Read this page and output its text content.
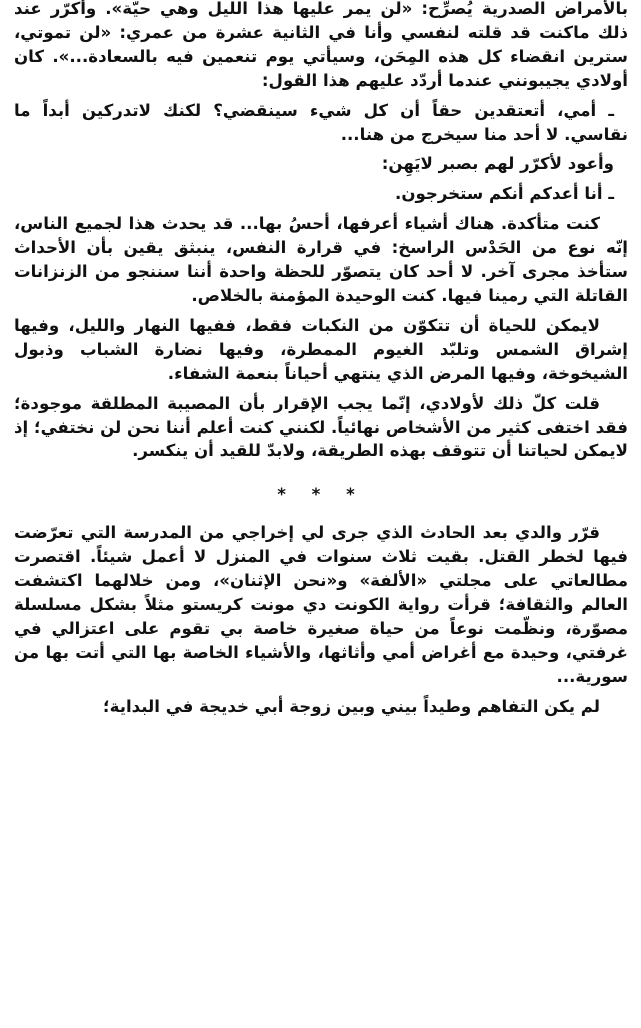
بالأمراض الصدرية يُصرِّح: «لن يمر عليها هذا الليل وهي حيّة». وأكرّر عند ذلك ماكنت قد قلته لنفسي وأنا في الثانية عشرة من عمري: «لن تموتي، سترين انقضاء كل هذه المِحَن، وسيأتي يوم تنعمين فيه بالسعادة...». كان أولادي يجيبونني عندما أردّد عليهم هذا القول:

ـ أمي، أتعتقدين حقاً أن كل شيء سينقضي؟ لكنك لاتدركين أبداً ما نقاسي. لا أحد منا سيخرج من هنا...

وأعود لأكرّر لهم بصبر لايَهِن:

ـ أنا أعدكم أنكم ستخرجون.

كنت متأكدة. هناك أشياء أعرفها، أحسُ بها... قد يحدث هذا لجميع الناس، إنّه نوع من الحَدْس الراسخ: في قرارة النفس، ينبثق يقين بأن الأحداث ستأخذ مجرى آخر. لا أحد كان يتصوّر للحظة واحدة أننا سننجو من الزنزانات القاتلة التي رمينا فيها. كنت الوحيدة المؤمنة بالخلاص.

لايمكن للحياة أن تتكوّن من النكبات فقط، ففيها النهار والليل، وفيها إشراق الشمس وتلبّد الغيوم الممطرة، وفيها نضارة الشباب وذبول الشيخوخة، وفيها المرض الذي ينتهي أحياناً بنعمة الشفاء.

قلت كلّ ذلك لأولادي، إنّما يجب الإقرار بأن المصيبة المطلقة موجودة؛ فقد اختفى كثير من الأشخاص نهائياً. لكنني كنت أعلم أننا نحن لن نختفي؛ إذ لايمكن لحياتنا أن تتوقف بهذه الطريقة، ولابدّ للقيد أن ينكسر.

* * *

قرّر والدي بعد الحادث الذي جرى لي إخراجي من المدرسة التي تعرّضت فيها لخطر القتل. بقيت ثلاث سنوات في المنزل لا أعمل شيئاً. اقتصرت مطالعاتي على مجلتي «الألفة» و«نحن الإثنان»، ومن خلالهما اكتشفت العالم والثقافة؛ قرأت رواية الكونت دي مونت كريستو مثلاً بشكل مسلسلة مصوّرة، ونظّمت نوعاً من حياة صغيرة خاصة بي تقوم على اعتزالي في غرفتي، وحيدة مع أغراض أمي وأثاثها، والأشياء الخاصة بها التي أتت بها من سورية...

لم يكن التفاهم وطيداً بيني وبين زوجة أبي خديجة في البداية؛
